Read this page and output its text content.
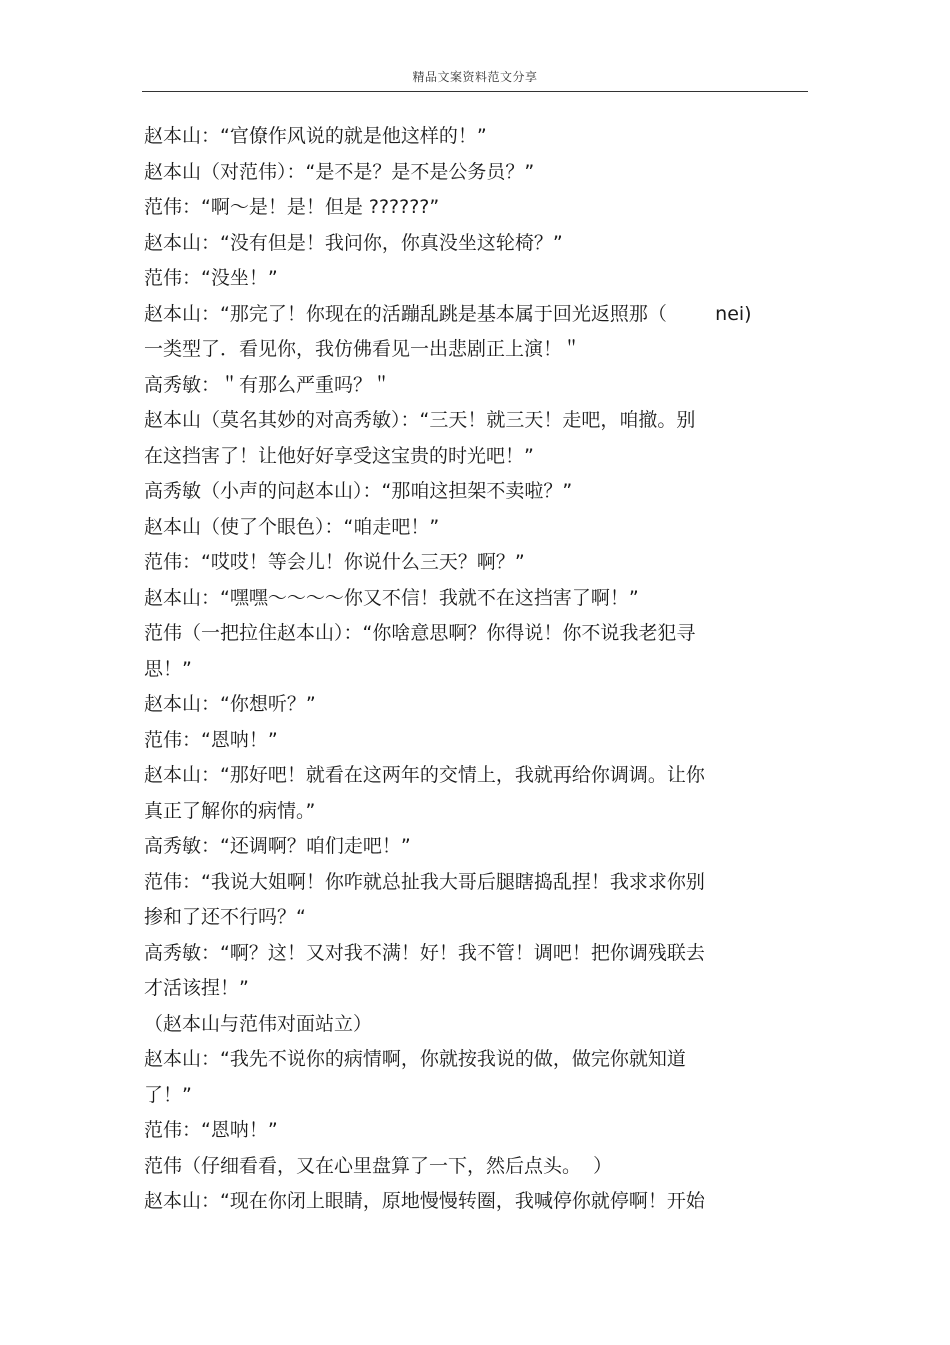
精品文案资料范文分享
赵本山：“官僚作风说的就是他这样的！”
赵本山（对范伟）：“是不是？是不是公务员？”
范伟：“啊～是！是！但是 ??????”
赵本山：“没有但是！我问你，你真没坐这轮椅？”
范伟：“没坐！”
赵本山：“那完了！你现在的活蹦乱跳是基本属于回光返照那（        nei)
一类型了．看见你，我仿佛看见一出悲剧正上演！＂
高秀敏：＂有那么严重吗？＂
赵本山（莫名其妙的对高秀敏）：“三天！就三天！走吧，咱撤。别
在这挡害了！让他好好享受这宝贵的时光吧！”
高秀敏（小声的问赵本山）：“那咱这担架不卖啦？”
赵本山（使了个眼色）：“咱走吧！”
范伟：“哎哎！等会儿！你说什么三天？啊？”
赵本山：“嘿嘿～～～～你又不信！我就不在这挡害了啊！”
范伟（一把拉住赵本山）：“你啥意思啊？你得说！你不说我老犯寻
思！”
赵本山：“你想听？”
范伟：“恩呐！”
赵本山：“那好吧！就看在这两年的交情上，我就再给你调调。让你
真正了解你的病情。”
高秀敏：“还调啊？咱们走吧！”
范伟：“我说大姐啊！你咋就总扯我大哥后腿瞎捣乱捏！我求求你别
掺和了还不行吗？“
高秀敏：“啊？这！又对我不满！好！我不管！调吧！把你调残联去
才活该捏！”
（赵本山与范伟对面站立）
赵本山：“我先不说你的病情啊，你就按我说的做，做完你就知道
了！”
范伟：“恩呐！”
范伟（仔细看看，又在心里盘算了一下，然后点头。  ）
赵本山：“现在你闭上眼睛，原地慢慢转圈，我喊停你就停啊！开始
